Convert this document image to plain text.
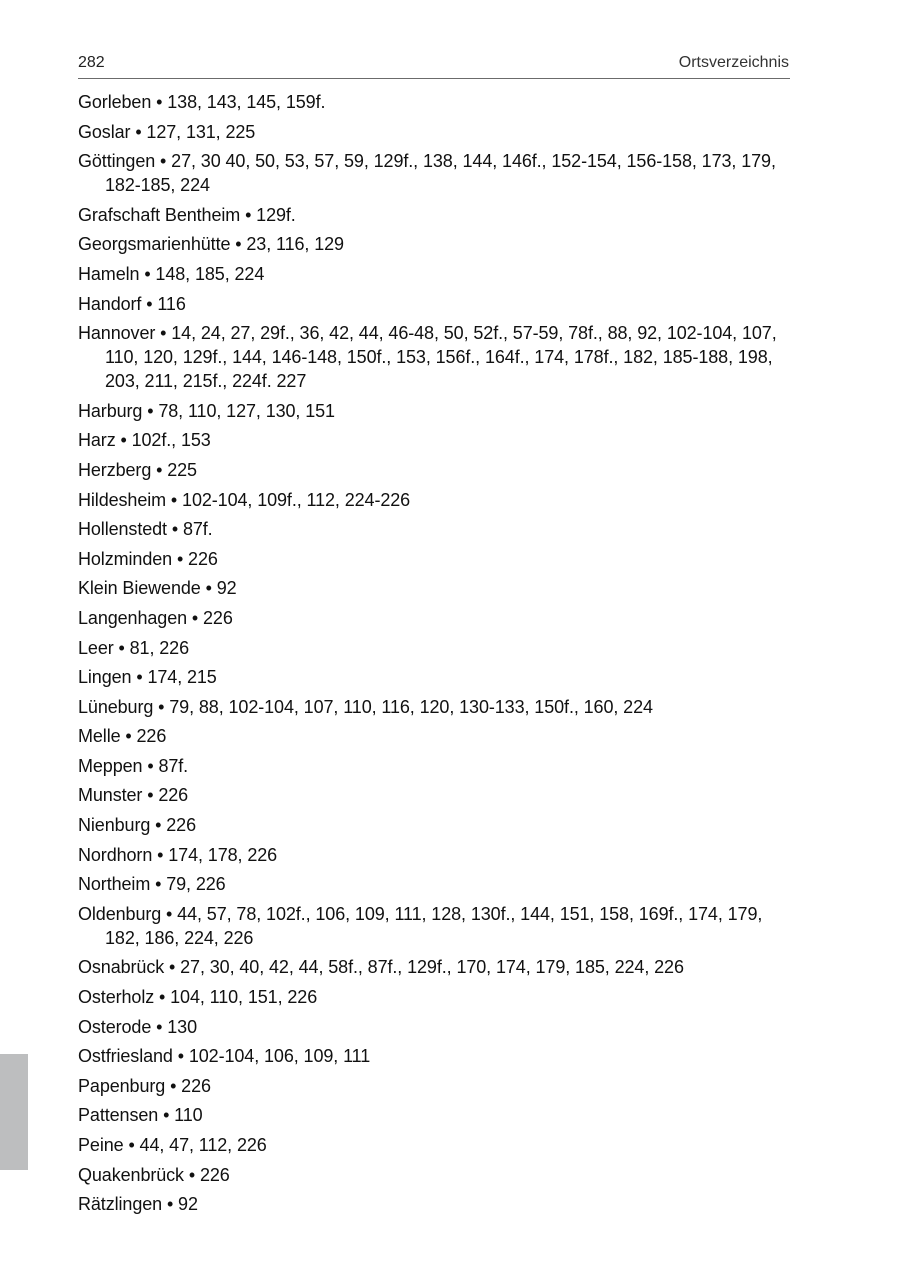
282	Ortsverzeichnis
Gorleben • 138, 143, 145, 159f.
Goslar • 127, 131, 225
Göttingen • 27, 30 40, 50, 53, 57, 59, 129f., 138, 144, 146f., 152-154, 156-158, 173, 179, 182-185, 224
Grafschaft Bentheim • 129f.
Georgsmarienhütte • 23, 116, 129
Hameln • 148, 185, 224
Handorf • 116
Hannover • 14, 24, 27, 29f., 36, 42, 44, 46-48, 50, 52f., 57-59, 78f., 88, 92, 102-104, 107, 110, 120, 129f., 144, 146-148, 150f., 153, 156f., 164f., 174, 178f., 182, 185-188, 198, 203, 211, 215f., 224f. 227
Harburg • 78, 110, 127, 130, 151
Harz • 102f., 153
Herzberg • 225
Hildesheim • 102-104, 109f., 112, 224-226
Hollenstedt • 87f.
Holzminden • 226
Klein Biewende • 92
Langenhagen • 226
Leer • 81, 226
Lingen • 174, 215
Lüneburg • 79, 88, 102-104, 107, 110, 116, 120, 130-133, 150f., 160, 224
Melle • 226
Meppen • 87f.
Munster • 226
Nienburg • 226
Nordhorn • 174, 178, 226
Northeim • 79, 226
Oldenburg • 44, 57, 78, 102f., 106, 109, 111, 128, 130f., 144, 151, 158, 169f., 174, 179, 182, 186, 224, 226
Osnabrück • 27, 30, 40, 42, 44, 58f., 87f., 129f., 170, 174, 179, 185, 224, 226
Osterholz • 104, 110, 151, 226
Osterode • 130
Ostfriesland • 102-104, 106, 109, 111
Papenburg • 226
Pattensen • 110
Peine • 44, 47, 112, 226
Quakenbrück • 226
Rätzlingen • 92
